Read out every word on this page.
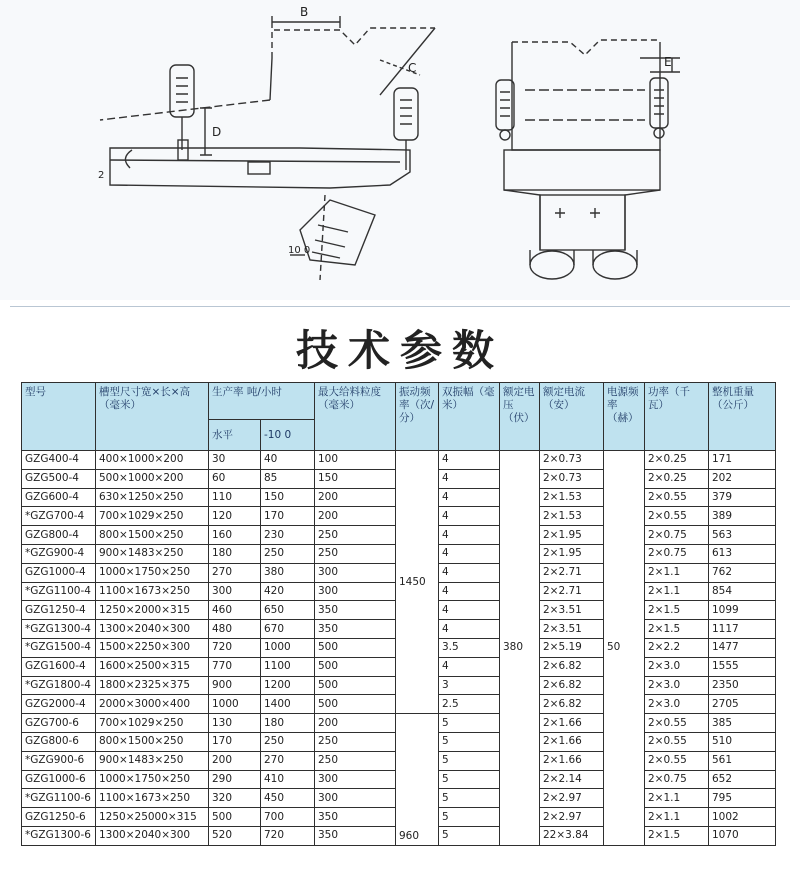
B
C
D
E
10 0
2
技术参数
型号	槽型尺寸宽×长×高（毫米）	生产率 吨/小时		最大给料粒度（毫米）	振动频率（次/分）	双振幅（毫米）	额定电压（伏）	额定电流（安）	电源频率（赫）	功率（千瓦）	整机重量（公斤）
		水平	-10 0								
GZG400-4	400×1000×200	30	40	100	1450	4	380	2×0.73	50	2×0.25	171
GZG500-4	500×1000×200	60	85	150		4		2×0.73		2×0.25	202
GZG600-4	630×1250×250	110	150	200		4		2×1.53		2×0.55	379
*GZG700-4	700×1029×250	120	170	200		4		2×1.53		2×0.55	389
GZG800-4	800×1500×250	160	230	250		4		2×1.95		2×0.75	563
*GZG900-4	900×1483×250	180	250	250		4		2×1.95		2×0.75	613
GZG1000-4	1000×1750×250	270	380	300		4		2×2.71		2×1.1	762
*GZG1100-4	1100×1673×250	300	420	300		4		2×2.71		2×1.1	854
GZG1250-4	1250×2000×315	460	650	350		4		2×3.51		2×1.5	1099
*GZG1300-4	1300×2040×300	480	670	350		4		2×3.51		2×1.5	1117
*GZG1500-4	1500×2250×300	720	1000	500		3.5		2×5.19		2×2.2	1477
GZG1600-4	1600×2500×315	770	1100	500		4		2×6.82		2×3.0	1555
*GZG1800-4	1800×2325×375	900	1200	500		3		2×6.82		2×3.0	2350
GZG2000-4	2000×3000×400	1000	1400	500		2.5		2×6.82		2×3.0	2705
GZG700-6	700×1029×250	130	180	200	960	5		2×1.66		2×0.55	385
GZG800-6	800×1500×250	170	250	250		5		2×1.66		2×0.55	510
*GZG900-6	900×1483×250	200	270	250		5		2×1.66		2×0.55	561
GZG1000-6	1000×1750×250	290	410	300		5		2×2.14		2×0.75	652
*GZG1100-6	1100×1673×250	320	450	300		5		2×2.97		2×1.1	795
GZG1250-6	1250×25000×315	500	700	350		5		2×2.97		2×1.1	1002
*GZG1300-6	1300×2040×300	520	720	350		5		22×3.84		2×1.5	1070
